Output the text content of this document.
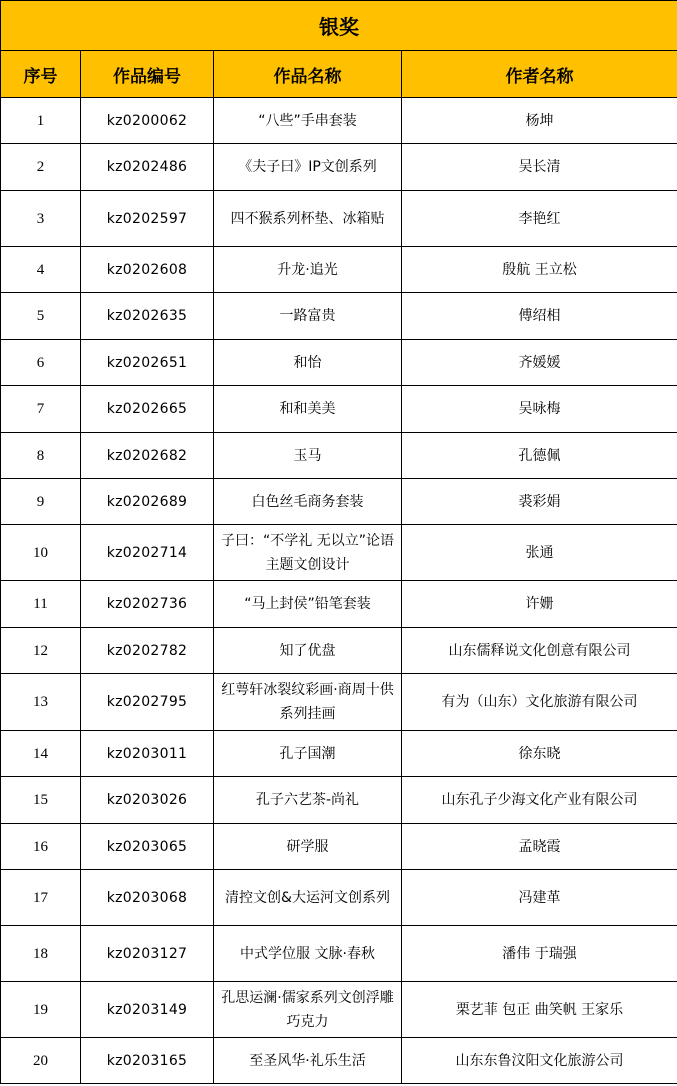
银奖			
序号	作品编号	作品名称	作者名称
1	kz0200062	“八些”手串套装	杨坤
2	kz0202486	《夫子曰》IP文创系列	吴长清
3	kz0202597	四不猴系列杯垫、冰箱贴	李艳红
4	kz0202608	升龙·追光	殷航 王立松
5	kz0202635	一路富贵	傅绍相
6	kz0202651	和怡	齐媛媛
7	kz0202665	和和美美	吴咏梅
8	kz0202682	玉马	孔德佩
9	kz0202689	白色丝毛商务套装	裘彩娟
10	kz0202714	子曰：“不学礼 无以立”论语主题文创设计	张通
11	kz0202736	“马上封侯”铅笔套装	许姗
12	kz0202782	知了优盘	山东儒释说文化创意有限公司
13	kz0202795	红萼轩冰裂纹彩画·商周十供系列挂画	有为（山东）文化旅游有限公司
14	kz0203011	孔子国潮	徐东晓
15	kz0203026	孔子六艺茶-尚礼	山东孔子少海文化产业有限公司
16	kz0203065	研学服	孟晓霞
17	kz0203068	清控文创&大运河文创系列	冯建革
18	kz0203127	中式学位服 文脉·春秋	潘伟 于瑞强
19	kz0203149	孔思运澜·儒家系列文创浮雕巧克力	栗艺菲 包正 曲笑帆 王家乐
20	kz0203165	至圣风华·礼乐生活	山东东鲁汶阳文化旅游公司
